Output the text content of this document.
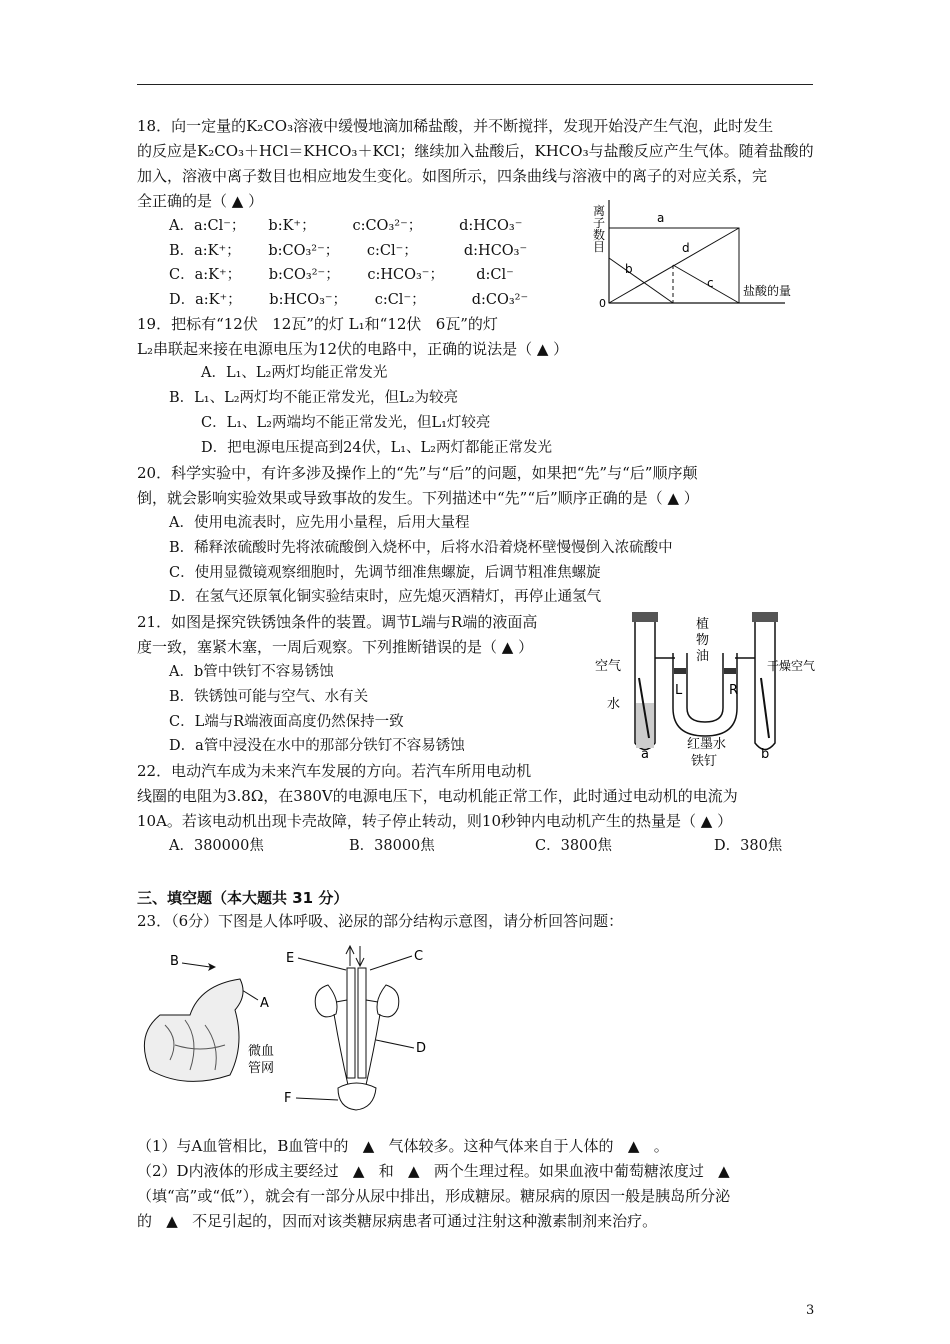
18．向一定量的K₂CO₃溶液中缓慢地滴加稀盐酸，并不断搅拌，发现开始没产生气泡，此时发生
的反应是K₂CO₃＋HCl＝KHCO₃＋KCl；继续加入盐酸后，KHCO₃与盐酸反应产生气体。随着盐酸的
加入，溶液中离子数目也相应地发生变化。如图所示，四条曲线与溶液中的离子的对应关系，完
全正确的是（ ▲ ）
A．a:Cl⁻；     b:K⁺；        c:CO₃²⁻；        d:HCO₃⁻
B．a:K⁺；      b:CO₃²⁻；      c:Cl⁻；          d:HCO₃⁻
C．a:K⁺；      b:CO₃²⁻；      c:HCO₃⁻；       d:Cl⁻
D．a:K⁺；      b:HCO₃⁻；      c:Cl⁻；          d:CO₃²⁻
离
子
数
目
0
盐酸的量
a
b
c
d
19．把标有“12伏   12瓦”的灯 L₁和“12伏   6瓦”的灯
L₂串联起来接在电源电压为12伏的电路中，正确的说法是（ ▲ ）
A．L₁、L₂两灯均能正常发光
B．L₁、L₂两灯均不能正常发光，但L₂为较亮
C．L₁、L₂两端均不能正常发光，但L₁灯较亮
D．把电源电压提高到24伏，L₁、L₂两灯都能正常发光
20．科学实验中，有许多涉及操作上的“先”与“后”的问题，如果把“先”与“后”顺序颠
倒，就会影响实验效果或导致事故的发生。下列描述中“先”“后”顺序正确的是（ ▲ ）
A．使用电流表时，应先用小量程，后用大量程
B．稀释浓硫酸时先将浓硫酸倒入烧杯中，后将水沿着烧杯壁慢慢倒入浓硫酸中
C．使用显微镜观察细胞时，先调节细准焦螺旋，后调节粗准焦螺旋
D．在氢气还原氧化铜实验结束时，应先熄灭酒精灯，再停止通氢气
21．如图是探究铁锈蚀条件的装置。调节L端与R端的液面高
度一致，塞紧木塞，一周后观察。下列推断错误的是（ ▲ ）
A．b管中铁钉不容易锈蚀
B．铁锈蚀可能与空气、水有关
C．L端与R端液面高度仍然保持一致
D．a管中浸没在水中的那部分铁钉不容易锈蚀
植
物
油
空气	干燥空气
水
L	R
红墨水
铁钉
a	b
22．电动汽车成为未来汽车发展的方向。若汽车所用电动机
线圈的电阻为3.8Ω，在380V的电源电压下，电动机能正常工作，此时通过电动机的电流为
10A。若该电动机出现卡壳故障，转子停止转动，则10秒钟内电动机产生的热量是（ ▲ ）
A．380000焦	B．38000焦	C．3800焦	D．380焦
三、填空题（本大题共 31 分）
23．（6分）下图是人体呼吸、泌尿的部分结构示意图，请分析回答问题：
B
A
微血
管网
E	C
D
F
（1）与A血管相比，B血管中的   ▲   气体较多。这种气体来自于人体的   ▲   。
（2）D内液体的形成主要经过   ▲   和   ▲   两个生理过程。如果血液中葡萄糖浓度过   ▲
（填“高”或“低”），就会有一部分从尿中排出，形成糖尿。糖尿病的原因一般是胰岛所分泌
的   ▲   不足引起的，因而对该类糖尿病患者可通过注射这种激素制剂来治疗。
3
